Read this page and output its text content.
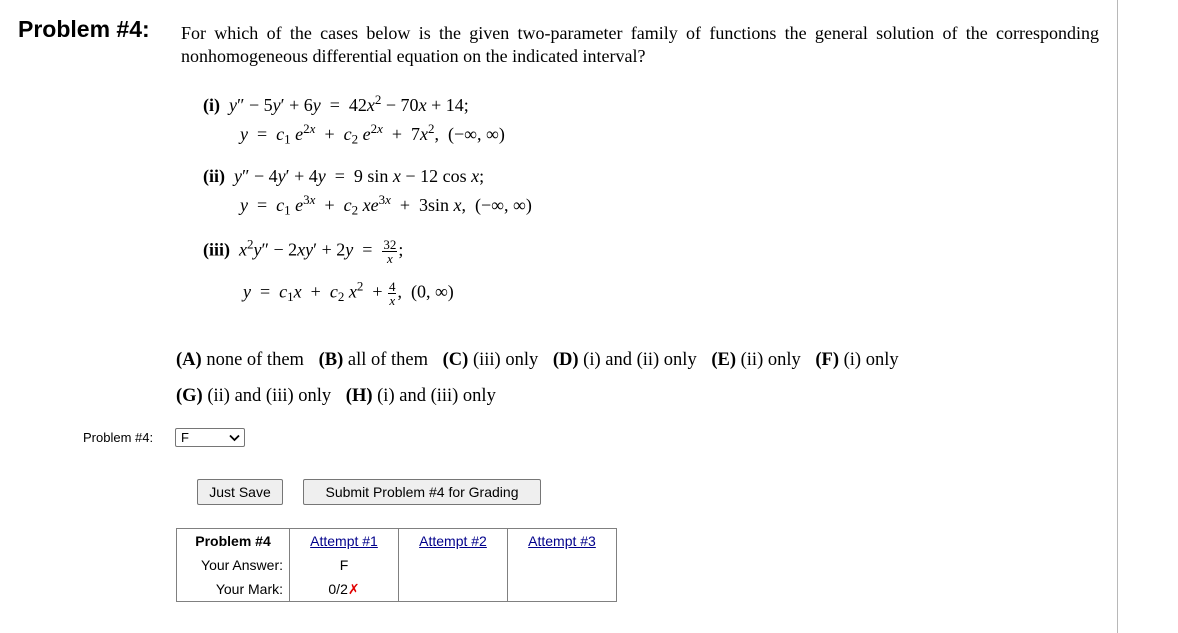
Problem #4: For which of the cases below is the given two-parameter family of functions the general solution of the corresponding nonhomogeneous differential equation on the indicated interval?
(i) $y'' - 5y' + 6y = 42x^2 - 70x + 14$;
$y = c_1$ $e^{2x} + c_2$ $e^{2x} + 7x^2$,  (−∞, ∞)
(ii) y″ − 4y′ + 4y  =  9 sin x − 12 cos x;
$y = c_1$ $e^{3x} + c_2$ $xe^{3x} + 3\sin$ x,  (−∞, ∞)
(iii) $x^2y'' - 2xy' + 2y = \frac{32}{x}$ ;
$y = c_1x + c_2$ $x^2 + \frac{4}{x}$ ,  (0, ∞)
(A) none of them (B) all of them (C) (iii) only (D) (i) and (ii) only (E) (ii) only (F) (i) only
(G) (ii) and (iii) only (H) (i) and (iii) only
Problem #4: F
Just Save	Submit Problem #4 for Grading
Problem #4	Attempt #1	Attempt #2	Attempt #3
Your Answer:	F		
Your Mark:	0/2✗		
